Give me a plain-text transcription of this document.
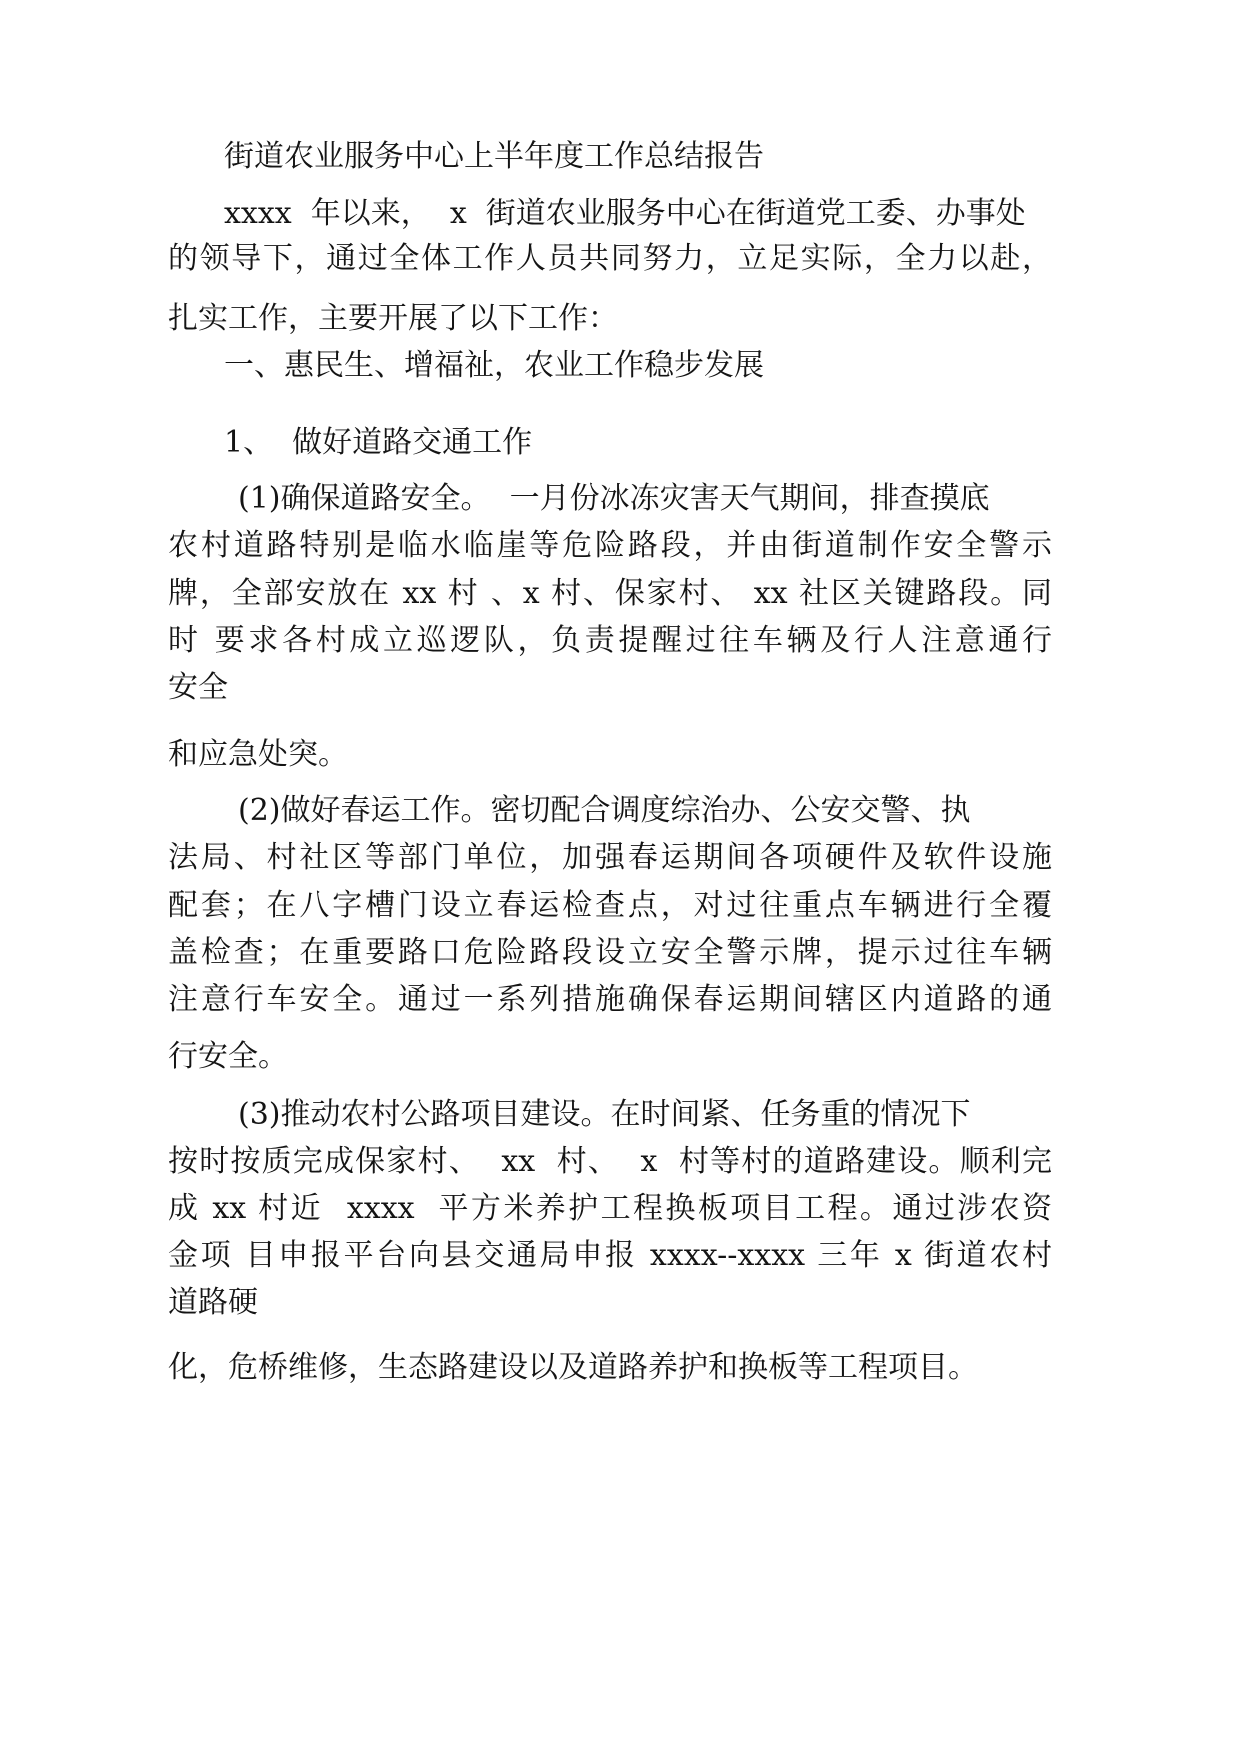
街道农业服务中心上半年度工作总结报告

xxxx  年以来，  x  街道农业服务中心在街道党工委、办事处

的领导下，通过全体工作人员共同努力，立足实际，全力以赴，

扎实工作，主要开展了以下工作：

一、惠民生、增福祉，农业工作稳步发展

1、  做好道路交通工作

(1)确保道路安全。  一月份冰冻灾害天气期间，排查摸底

农村道路特别是临水临崖等危险路段，并由街道制作安全警示

牌，全部安放在 xx 村 、x 村、保家村、 xx 社区关键路段。同

时 要求各村成立巡逻队，负责提醒过往车辆及行人注意通行

安全

和应急处突。

(2)做好春运工作。密切配合调度综治办、公安交警、执

法局、村社区等部门单位，加强春运期间各项硬件及软件设施

配套；在八字槽门设立春运检查点，对过往重点车辆进行全覆

盖检查；在重要路口危险路段设立安全警示牌，提示过往车辆

注意行车安全。通过一系列措施确保春运期间辖区内道路的通

行安全。

(3)推动农村公路项目建设。在时间紧、任务重的情况下

按时按质完成保家村、  xx  村、  x  村等村的道路建设。顺利完

成 xx 村近  xxxx  平方米养护工程换板项目工程。通过涉农资

金项 目申报平台向县交通局申报 xxxx--xxxx 三年 x 街道农村

道路硬

化，危桥维修，生态路建设以及道路养护和换板等工程项目。
